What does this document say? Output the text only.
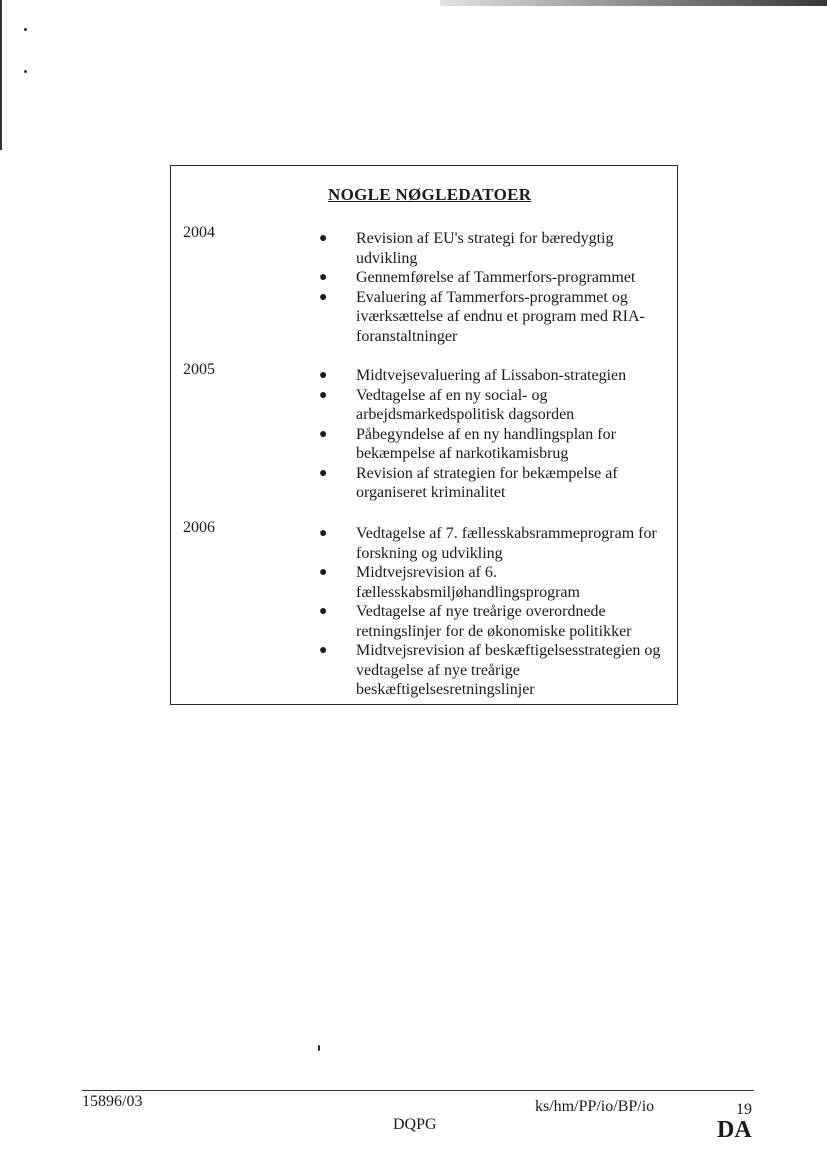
NOGLE NØGLEDATOER
2004	● Revision af EU's strategi for bæredygtig udvikling
● Gennemførelse af Tammerfors-programmet
● Evaluering af Tammerfors-programmet og iværksættelse af endnu et program med RIA-foranstaltninger
2005	● Midtvejsevaluering af Lissabon-strategien
● Vedtagelse af en ny social- og arbejdsmarkedspolitisk dagsorden
● Påbegyndelse af en ny handlingsplan for bekæmpelse af narkotikamisbrug
● Revision af strategien for bekæmpelse af organiseret kriminalitet
2006	● Vedtagelse af 7. fællesskabsrammeprogram for forskning og udvikling
● Midtvejsrevision af 6. fællesskabsmiljøhandlingsprogram
● Vedtagelse af nye treårige overordnede retningslinjer for de økonomiske politikker
● Midtvejsrevision af beskæftigelsesstrategien og vedtagelse af nye treårige beskæftigelsesretningslinjer
15896/03	ks/hm/PP/io/BP/io	19
DQPG	DA
